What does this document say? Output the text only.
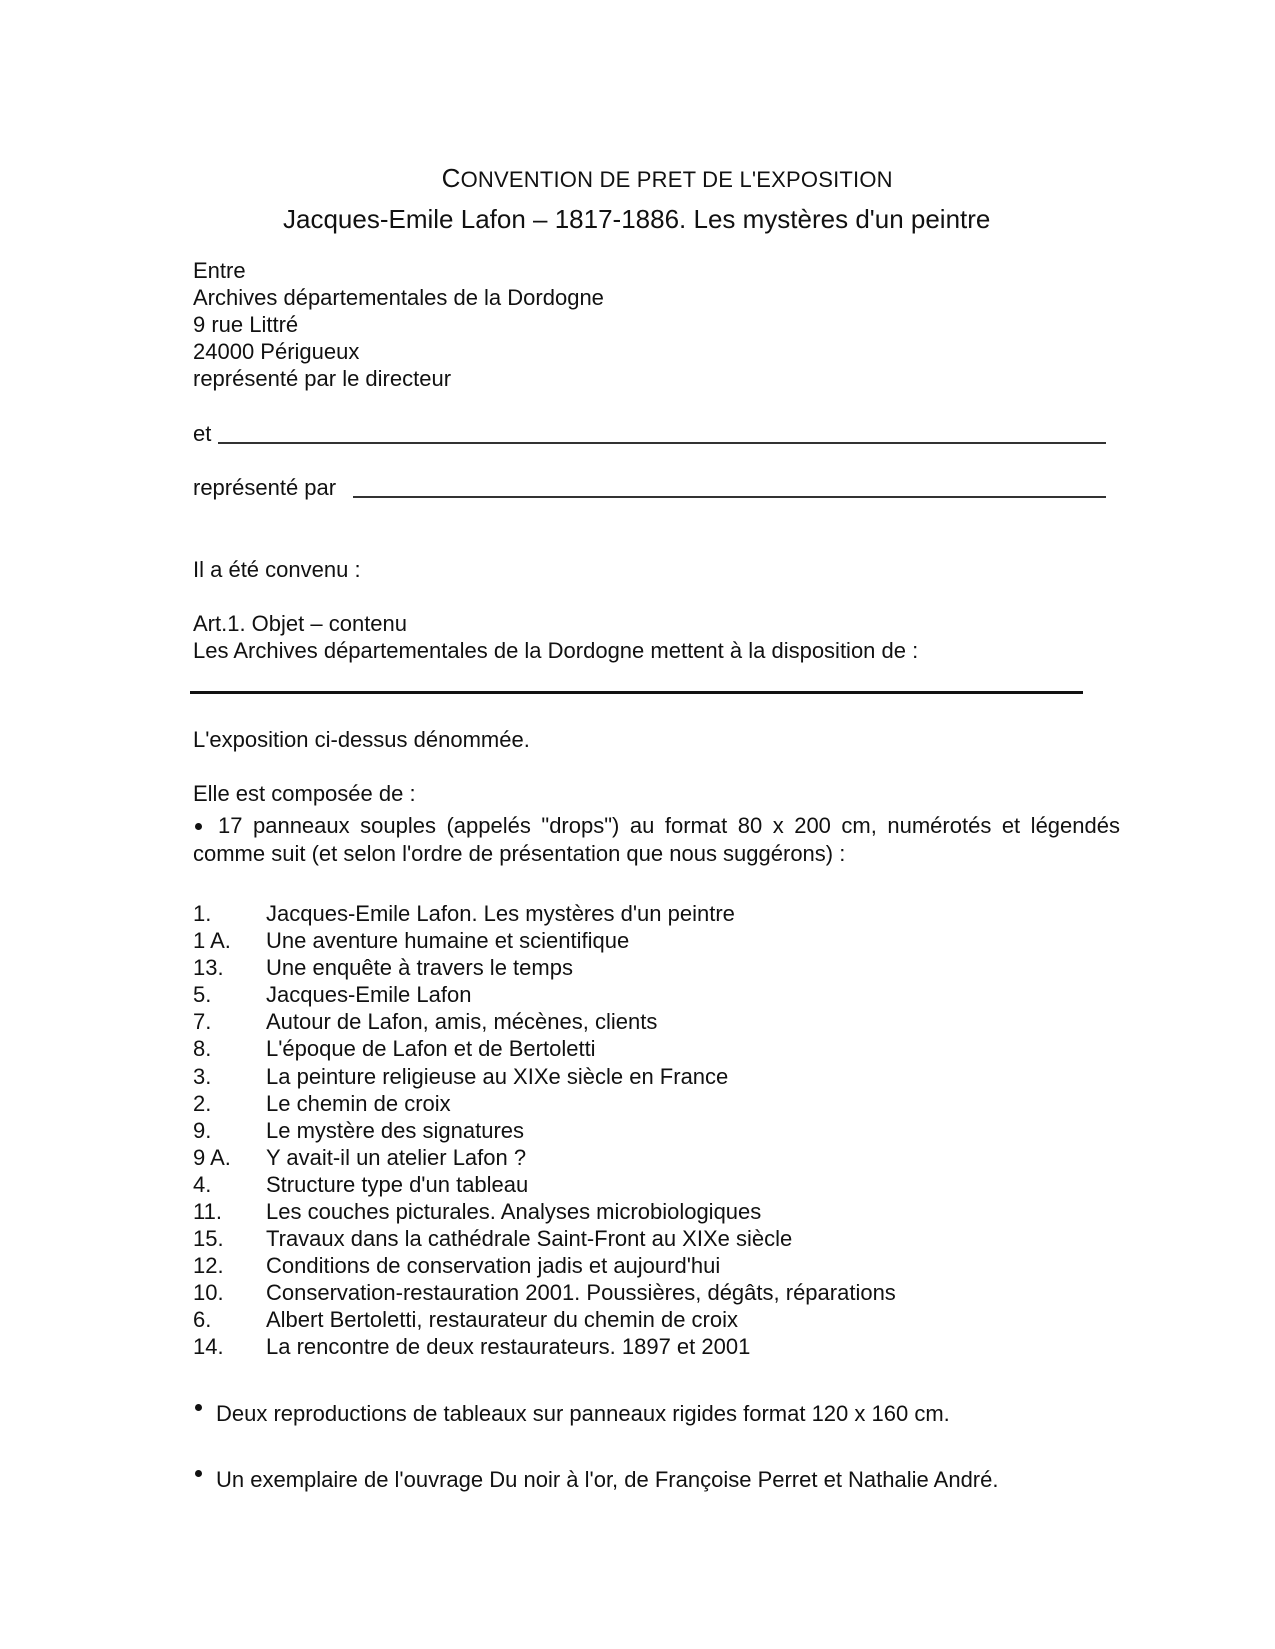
CONVENTION DE PRET DE L'EXPOSITION

Jacques-Emile Lafon – 1817-1886. Les mystères d'un peintre
Entre
Archives départementales de la Dordogne
9 rue Littré
24000 Périgueux
représenté par le directeur
et
représenté par
Il a été convenu :
Art.1. Objet – contenu
Les Archives départementales de la Dordogne mettent à la disposition de :
L'exposition ci-dessus dénommée.
Elle est composée de :
17 panneaux souples (appelés "drops") au format 80 x 200 cm, numérotés et légendés comme suit (et selon l'ordre de présentation que nous suggérons) :
1. Jacques-Emile Lafon. Les mystères d'un peintre
1 A. Une aventure humaine et scientifique
13. Une enquête à travers le temps
5. Jacques-Emile Lafon
7. Autour de Lafon, amis, mécènes, clients
8. L'époque de Lafon et de Bertoletti
3. La peinture religieuse au XIXe siècle en France
2. Le chemin de croix
9. Le mystère des signatures
9 A. Y avait-il un atelier Lafon ?
4. Structure type d'un tableau
11. Les couches picturales. Analyses microbiologiques
15. Travaux dans la cathédrale Saint-Front au XIXe siècle
12. Conditions de conservation jadis et aujourd'hui
10. Conservation-restauration 2001. Poussières, dégâts, réparations
6. Albert Bertoletti, restaurateur du chemin de croix
14. La rencontre de deux restaurateurs. 1897 et 2001
Deux reproductions de tableaux sur panneaux rigides format 120 x 160 cm.
Un exemplaire de l'ouvrage Du noir à l'or, de Françoise Perret et Nathalie André.
